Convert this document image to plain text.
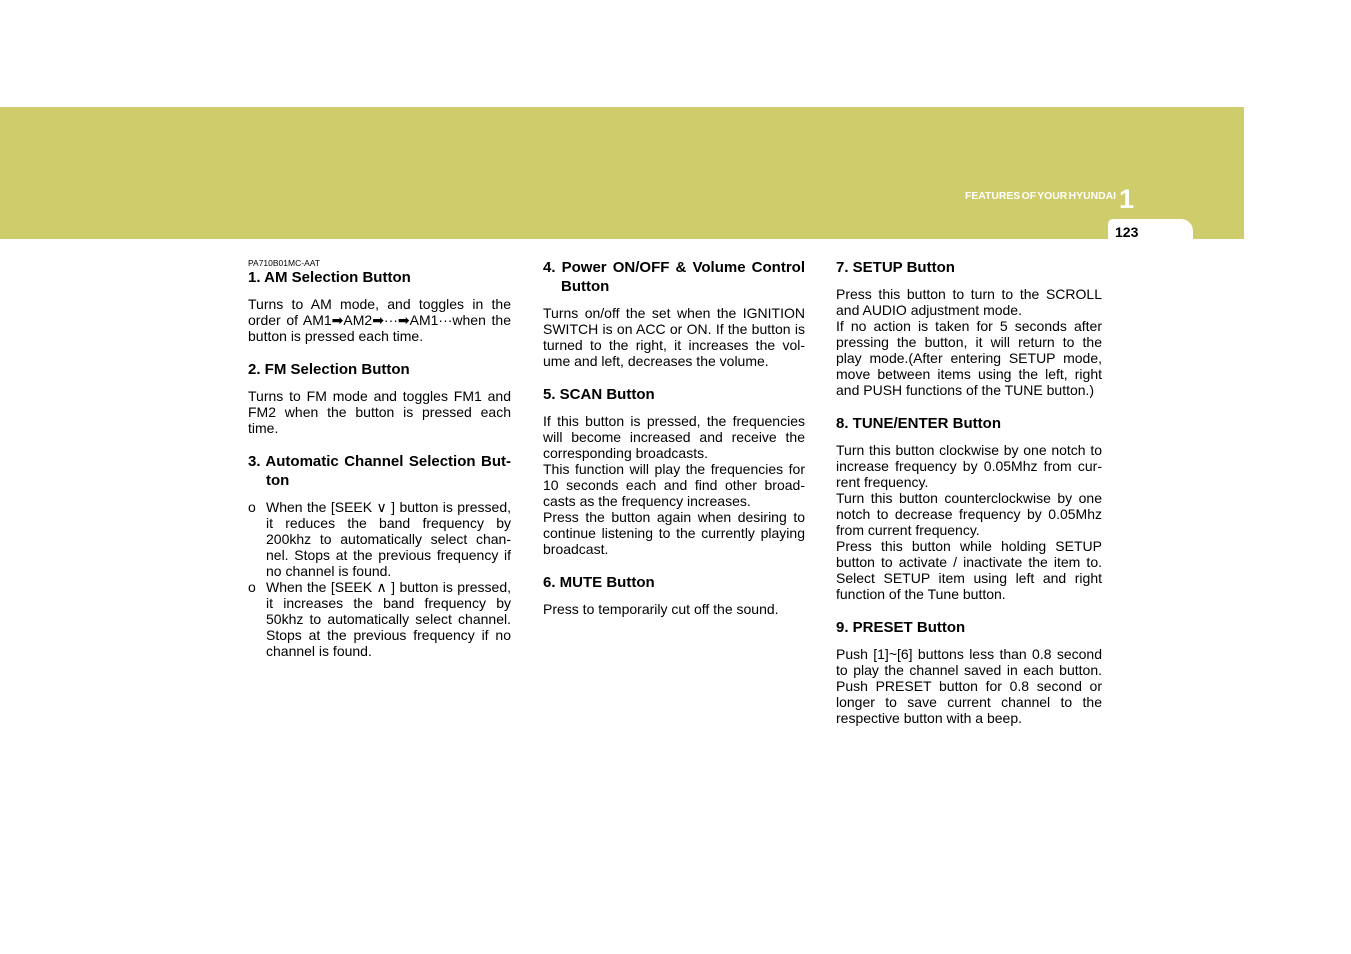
FEATURES OF YOUR HYUNDAI 1
123
PA710B01MC-AAT
1. AM Selection Button
Turns to AM mode, and toggles in the
order of AM1➡AM2➡···➡AM1···when the
button is pressed each time.
2. FM Selection Button
Turns to FM mode and toggles FM1 and
FM2 when the button is pressed each
time.
3. Automatic Channel Selection But-
ton
o When the [SEEK ∨ ] button is pressed,
it reduces the band frequency by
200khz to automatically select chan-
nel. Stops at the previous frequency if
no channel is found.
o When the [SEEK ∧ ] button is pressed,
it increases the band frequency by
50khz to automatically select channel.
Stops at the previous frequency if no
channel is found.
4. Power ON/OFF & Volume Control
Button
Turns on/off the set when the IGNITION
SWITCH is on ACC or ON. If the button is
turned to the right, it increases the vol-
ume and left, decreases the volume.
5. SCAN Button
If this button is pressed, the frequencies
will become increased and receive the
corresponding broadcasts.
This function will play the frequencies for
10 seconds each and find other broad-
casts as the frequency increases.
Press the button again when desiring to
continue listening to the currently playing
broadcast.
6. MUTE Button
Press to temporarily cut off the sound.
7. SETUP Button
Press this button to turn to the SCROLL
and AUDIO adjustment mode.
If no action is taken for 5 seconds after
pressing the button, it will return to the
play mode.(After entering SETUP mode,
move between items using the left, right
and PUSH functions of the TUNE button.)
8. TUNE/ENTER Button
Turn this button clockwise by one notch to
increase frequency by 0.05Mhz from cur-
rent frequency.
Turn this button counterclockwise by one
notch to decrease frequency by 0.05Mhz
from current frequency.
Press this button while holding SETUP
button to activate / inactivate the item to.
Select SETUP item using left and right
function of the Tune button.
9. PRESET Button
Push [1]~[6] buttons less than 0.8 second
to play the channel saved in each button.
Push PRESET button for 0.8 second or
longer to save current channel to the
respective button with a beep.
